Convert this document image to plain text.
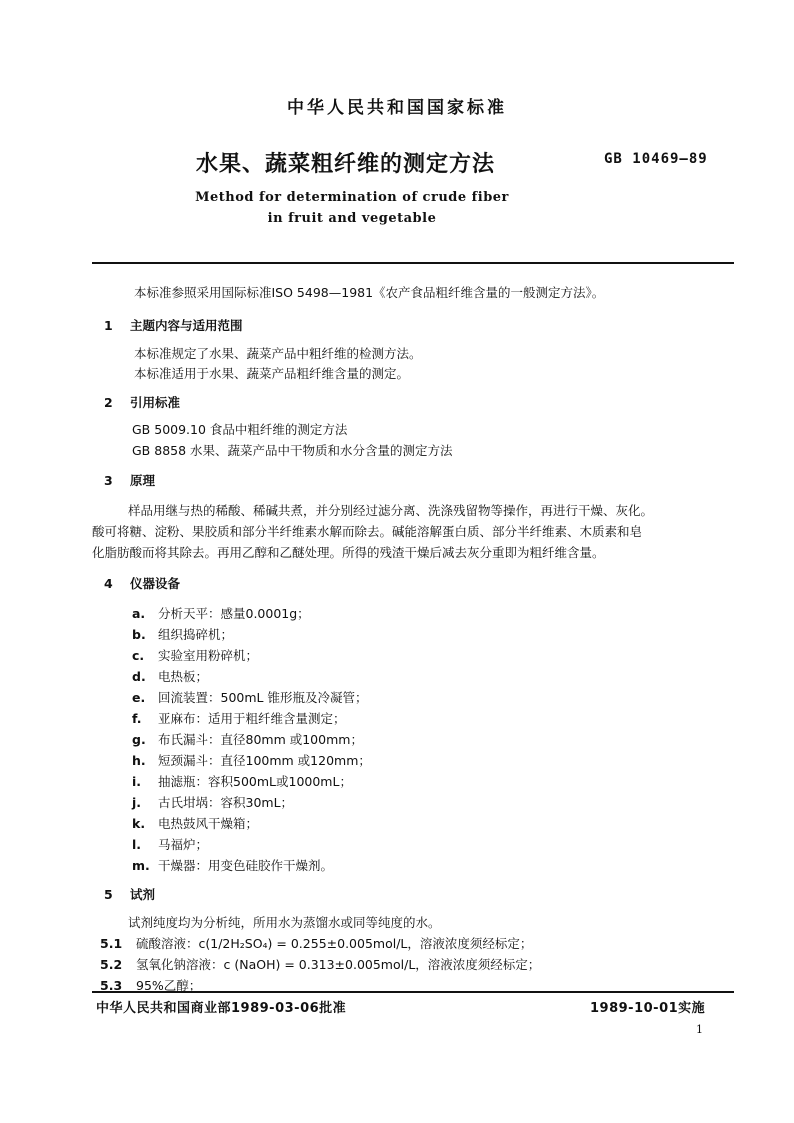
中华人民共和国国家标准
水果、蔬菜粗纤维的测定方法	GB 10469—89
Method for determination of crude fiber
in fruit and vegetable
本标准参照采用国际标准ISO 5498—1981《农产食品粗纤维含量的一般测定方法》。
1 主题内容与适用范围
本标准规定了水果、蔬菜产品中粗纤维的检测方法。
本标准适用于水果、蔬菜产品粗纤维含量的测定。
2 引用标准
GB 5009.10 食品中粗纤维的测定方法
GB 8858 水果、蔬菜产品中干物质和水分含量的测定方法
3 原理
样品用继与热的稀酸、稀碱共煮，并分别经过滤分离、洗涤残留物等操作，再进行干燥、灰化。
酸可将糖、淀粉、果胶质和部分半纤维素水解而除去。碱能溶解蛋白质、部分半纤维素、木质素和皂
化脂肪酸而将其除去。再用乙醇和乙醚处理。所得的残渣干燥后减去灰分重即为粗纤维含量。
4 仪器设备
a. 分析天平：感量0.0001g；
b. 组织捣碎机；
c. 实验室用粉碎机；
d. 电热板；
e. 回流装置：500mL 锥形瓶及冷凝管；
f. 亚麻布：适用于粗纤维含量测定；
g. 布氏漏斗：直径80mm 或100mm；
h. 短颈漏斗：直径100mm 或120mm；
i. 抽滤瓶：容积500mL或1000mL；
j. 古氏坩埚：容积30mL；
k. 电热鼓风干燥箱；
l. 马福炉；
m. 干燥器：用变色硅胶作干燥剂。
5 试剂
试剂纯度均为分析纯，所用水为蒸馏水或同等纯度的水。
5.1 硫酸溶液：c(1/2H₂SO₄) = 0.255±0.005mol/L，溶液浓度须经标定；
5.2 氢氧化钠溶液：c (NaOH) = 0.313±0.005mol/L，溶液浓度须经标定；
5.3 95%乙醇；
中华人民共和国商业部1989-03-06批准	1989-10-01实施
1
